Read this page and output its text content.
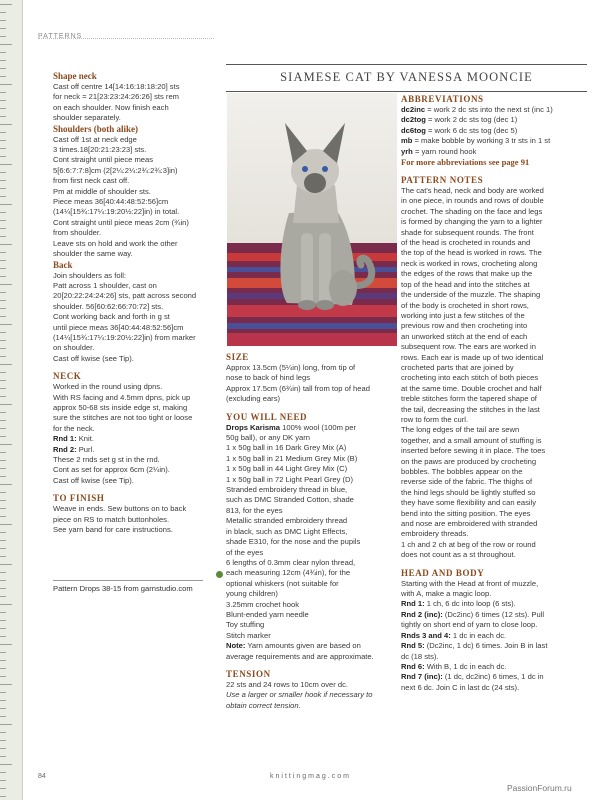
PATTERNS

Shape neck

Cast off centre 14[14:16:18:18:20] sts

for neck = 21[23:23:24:26:26] sts rem

on each shoulder. Now finish each

shoulder separately.

Shoulders (both alike)

Cast off 1st at neck edge

3 times.18[20:21:23:23] sts.

Cont straight until piece meas

5[6:6:7:7:8]cm (2[2¼:2¼:2¾:2¾:3]in)

from first neck cast off.

Pm at middle of shoulder sts.

Piece meas 36[40:44:48:52:56]cm

(14¼[15¾:17¼:19:20½:22]in) in total.

Cont straight until piece meas 2cm (¾in)

from shoulder.

Leave sts on hold and work the other

shoulder the same way.

Back

Join shoulders as foll:

Patt across 1 shoulder, cast on

20[20:22:24:24:26] sts, patt across second

shoulder. 56[60:62:66:70:72] sts.

Cont working back and forth in g st

until piece meas 36[40:44:48:52:56]cm

(14¼[15¾:17¼:19:20½:22]in) from marker

on shoulder.

Cast off kwise (see Tip).

NECK

Worked in the round using dpns.

With RS facing and 4.5mm dpns, pick up

approx 50-68 sts inside edge st, making

sure the stitches are not too tight or loose

for the neck.

Rnd 1: Knit.

Rnd 2: Purl.

These 2 rnds set g st in the rnd.

Cont as set for approx 6cm (2¼in).

Cast off kwise (see Tip).

TO FINISH

Weave in ends. Sew buttons on to back

piece on RS to match buttonholes.

See yarn band for care instructions.

Pattern Drops 38-15 from garnstudio.com
SIAMESE CAT BY VANESSA MOONCIE

SIZE

Approx 13.5cm (5¼in) long, from tip of

nose to back of hind legs

Approx 17.5cm (6¾in) tall from top of head

(excluding ears)

YOU WILL NEED

Drops Karisma 100% wool (100m per

50g ball), or any DK yarn

1 x 50g ball in 16 Dark Grey Mix (A)

1 x 50g ball in 21 Medium Grey Mix (B)

1 x 50g ball in 44 Light Grey Mix (C)

1 x 50g ball in 72 Light Pearl Grey (D)

Stranded embroidery thread in blue,

such as DMC Stranded Cotton, shade

813, for the eyes

Metallic stranded embroidery thread

in black, such as DMC Light Effects,

shade E310, for the nose and the pupils

of the eyes

6 lengths of 0.3mm clear nylon thread,

each measuring 12cm (4¾in), for the

optional whiskers (not suitable for

young children)

3.25mm crochet hook

Blunt-ended yarn needle

Toy stuffing

Stitch marker

Note: Yarn amounts given are based on

average requirements and are approximate.

TENSION

22 sts and 24 rows to 10cm over dc.

Use a larger or smaller hook if necessary to

obtain correct tension.

ABBREVIATIONS

dc2inc = work 2 dc sts into the next st (inc 1)

dc2tog = work 2 dc sts tog (dec 1)

dc6tog = work 6 dc sts tog (dec 5)

mb = make bobble by working 3 tr sts in 1 st

yrh = yarn round hook

For more abbreviations see page 91

PATTERN NOTES

The cat's head, neck and body are worked

in one piece, in rounds and rows of double

crochet. The shading on the face and legs

is formed by changing the yarn to a lighter

shade for subsequent rounds. The front

of the head is crocheted in rounds and

the top of the head is worked in rows. The

neck is worked in rows, crocheting along

the edges of the rows that make up the

top of the head and into the stitches at

the underside of the muzzle. The shaping

of the body is crocheted in short rows,

working into just a few stitches of the

previous row and then crocheting into

an unworked stitch at the end of each

subsequent row. The ears are worked in

rows. Each ear is made up of two identical

crocheted parts that are joined by

crocheting into each stitch of both pieces

at the same time. Double crochet and half

treble stitches form the tapered shape of

the tail, decreasing the stitches in the last

row to form the curl.

The long edges of the tail are sewn

together, and a small amount of stuffing is

inserted before sewing it in place. The toes

on the paws are produced by crocheting

bobbles. The bobbles appear on the

reverse side of the fabric. The thighs of

the hind legs should be lightly stuffed so

they have some flexibility and can easily

bend into the sitting position. The eyes

and nose are embroidered with stranded

embroidery threads.

1 ch and 2 ch at beg of the row or round

does not count as a st throughout.

HEAD AND BODY

Starting with the Head at front of muzzle,

with A, make a magic loop.

Rnd 1: 1 ch, 6 dc into loop (6 sts).

Rnd 2 (inc): (Dc2inc) 6 times (12 sts). Pull

tightly on short end of yarn to close loop.

Rnds 3 and 4: 1 dc in each dc.

Rnd 5: (Dc2inc, 1 dc) 6 times. Join B in last

dc (18 sts).

Rnd 6: With B, 1 dc in each dc.

Rnd 7 (inc): (1 dc, dc2inc) 6 times, 1 dc in

next 6 dc. Join C in last dc (24 sts).

84	knittingmag.com
PassionForum.ru
